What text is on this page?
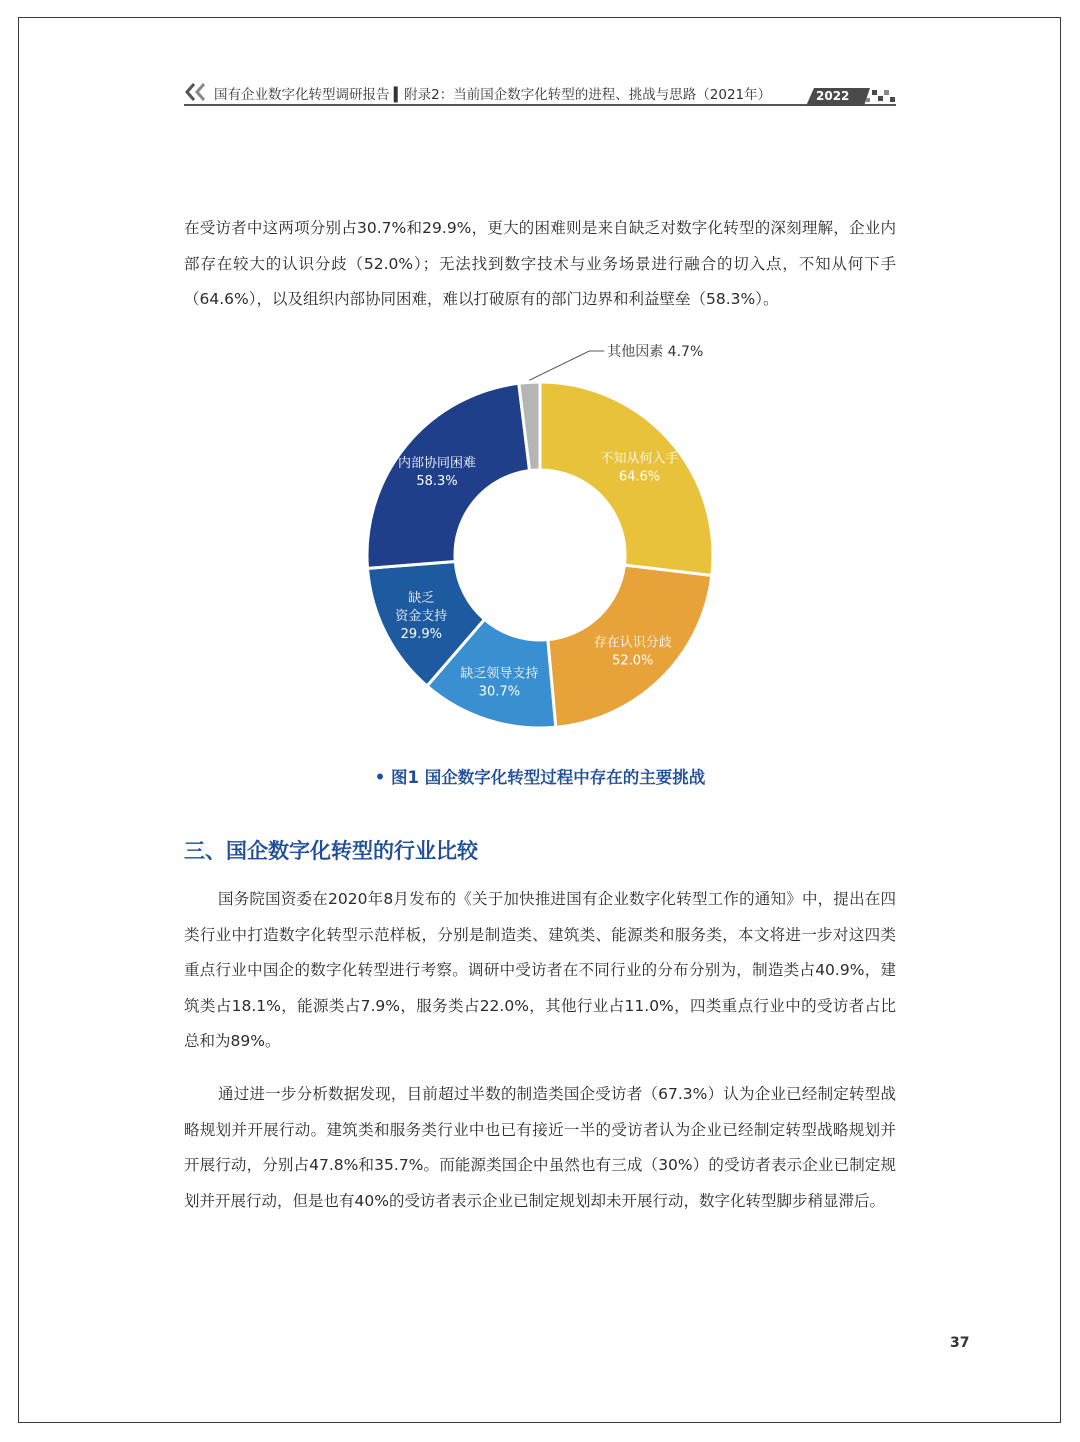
国有企业数字化转型调研报告 ▍附录2：当前国企数字化转型的进程、挑战与思路（2021年）	2022

在受访者中这两项分别占30.7%和29.9%，更大的困难则是来自缺乏对数字化转型的深刻理解，企业内部存在较大的认识分歧（52.0%）；无法找到数字技术与业务场景进行融合的切入点，不知从何下手（64.6%），以及组织内部协同困难，难以打破原有的部门边界和利益壁垒（58.3%）。

不知从何入手
64.6%
存在认识分歧
52.0%
缺乏领导支持
30.7%
缺乏
资金支持
29.9%
内部协同困难
58.3%
其他因素 4.7%
• 图1 国企数字化转型过程中存在的主要挑战
三、国企数字化转型的行业比较

国务院国资委在2020年8月发布的《关于加快推进国有企业数字化转型工作的通知》中，提出在四类行业中打造数字化转型示范样板，分别是制造类、建筑类、能源类和服务类，本文将进一步对这四类重点行业中国企的数字化转型进行考察。调研中受访者在不同行业的分布分别为，制造类占40.9%，建筑类占18.1%，能源类占7.9%，服务类占22.0%，其他行业占11.0%，四类重点行业中的受访者占比总和为89%。

通过进一步分析数据发现，目前超过半数的制造类国企受访者（67.3%）认为企业已经制定转型战略规划并开展行动。建筑类和服务类行业中也已有接近一半的受访者认为企业已经制定转型战略规划并开展行动，分别占47.8%和35.7%。而能源类国企中虽然也有三成（30%）的受访者表示企业已制定规划并开展行动，但是也有40%的受访者表示企业已制定规划却未开展行动，数字化转型脚步稍显滞后。

37
